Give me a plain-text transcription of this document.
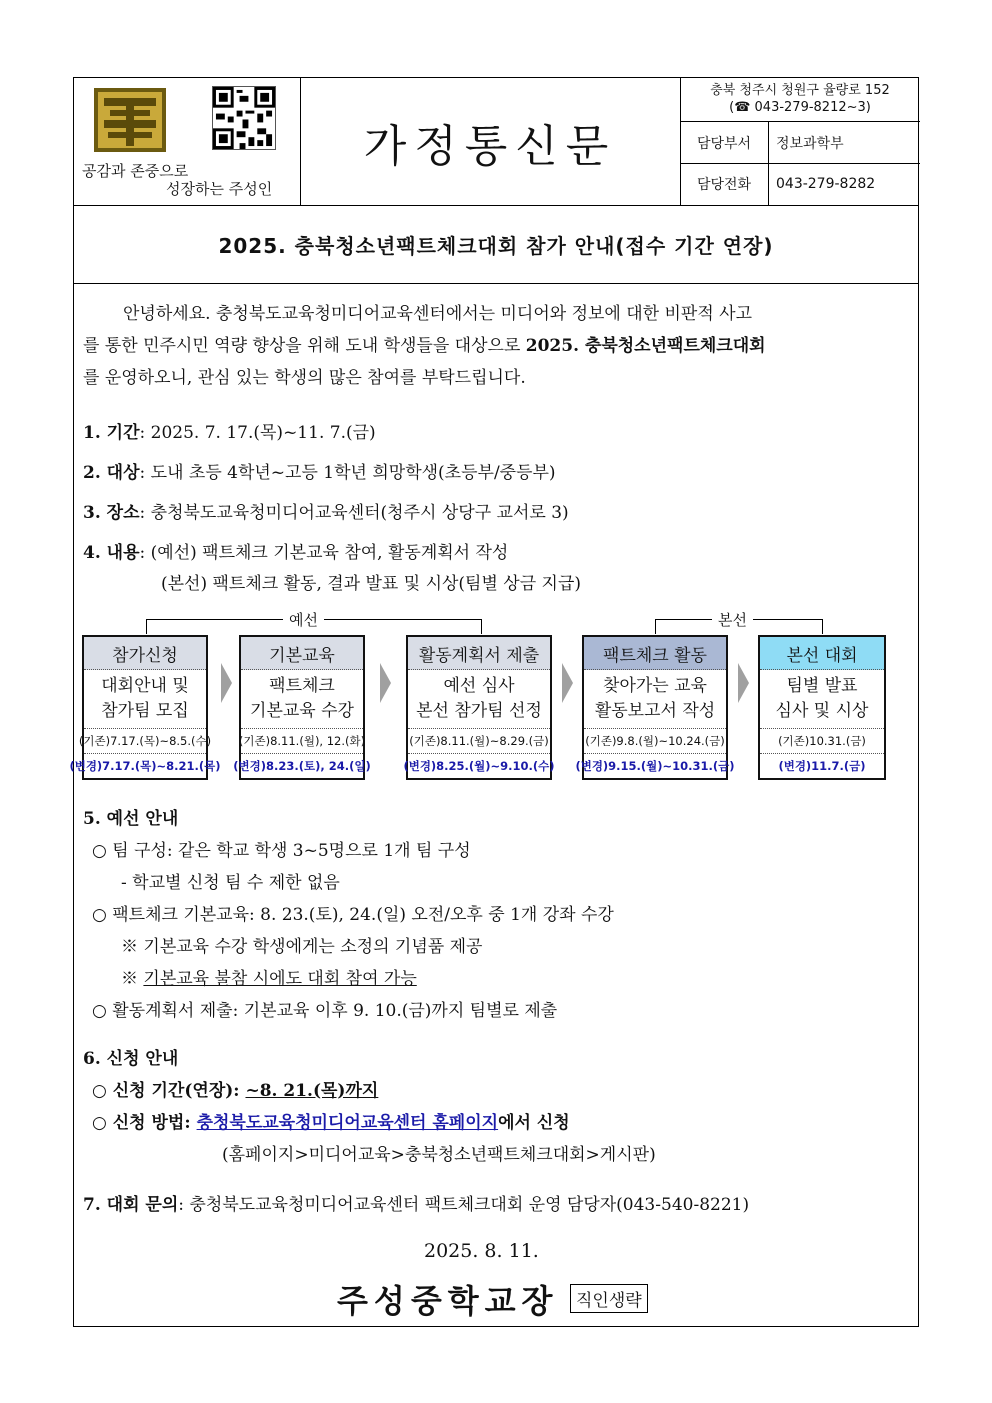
공감과 존중으로
성장하는 주성인
가정통신문
충북 청주시 청원구 율량로 152
(☎ 043-279-8212~3)
담당부서	정보과학부
담당전화	043-279-8282
2025. 충북청소년팩트체크대회 참가 안내(접수 기간 연장)
안녕하세요. 충청북도교육청미디어교육센터에서는 미디어와 정보에 대한 비판적 사고
를 통한 민주시민 역량 향상을 위해 도내 학생들을 대상으로 2025. 충북청소년팩트체크대회
를 운영하오니, 관심 있는 학생의 많은 참여를 부탁드립니다.
1. 기간: 2025. 7. 17.(목)~11. 7.(금)
2. 대상: 도내 초등 4학년~고등 1학년 희망학생(초등부/중등부)
3. 장소: 충청북도교육청미디어교육센터(청주시 상당구 교서로 3)
4. 내용: (예선) 팩트체크 기본교육 참여, 활동계획서 작성
(본선) 팩트체크 활동, 결과 발표 및 시상(팀별 상금 지급)
예선	본선
참가신청
대회안내 및
참가팀 모집
(기존)7.17.(목)~8.5.(수)
(변경)7.17.(목)~8.21.(목)
기본교육
팩트체크
기본교육 수강
(기존)8.11.(월), 12.(화)
(변경)8.23.(토), 24.(일)
활동계획서 제출
예선 심사
본선 참가팀 선정
(기존)8.11.(월)~8.29.(금)
(변경)8.25.(월)~9.10.(수)
팩트체크 활동
찾아가는 교육
활동보고서 작성
(기존)9.8.(월)~10.24.(금)
(변경)9.15.(월)~10.31.(금)
본선 대회
팀별 발표
심사 및 시상
(기존)10.31.(금)
(변경)11.7.(금)
5. 예선 안내
○ 팀 구성: 같은 학교 학생 3~5명으로 1개 팀 구성
- 학교별 신청 팀 수 제한 없음
○ 팩트체크 기본교육: 8. 23.(토), 24.(일) 오전/오후 중 1개 강좌 수강
※ 기본교육 수강 학생에게는 소정의 기념품 제공
※ 기본교육 불참 시에도 대회 참여 가능
○ 활동계획서 제출: 기본교육 이후 9. 10.(금)까지 팀별로 제출
6. 신청 안내
○ 신청 기간(연장): ~8. 21.(목)까지
○ 신청 방법: 충청북도교육청미디어교육센터 홈페이지에서 신청
(홈페이지>미디어교육>충북청소년팩트체크대회>게시판)
7. 대회 문의: 충청북도교육청미디어교육센터 팩트체크대회 운영 담당자(043-540-8221)
2025. 8. 11.
주성중학교장	직인생략
